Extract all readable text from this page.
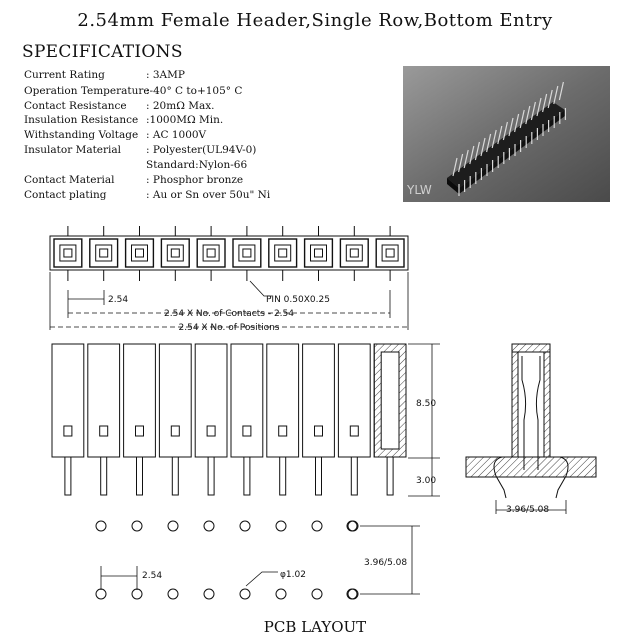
2.54mm Female Header,Single Row,Bottom Entry
SPECIFICATIONS
Current Rating	: 3AMP
Operation Temperature:-40° C to+105° C
Contact Resistance : 20mΩ Max.
Insulation Resistance :1000MΩ Min.
Withstanding Voltage : AC 1000V
Insulator Material : Polyester(UL94V-0)
Standard:Nylon-66
Contact Material	: Phosphor bronze
Contact plating	: Au or Sn over 50u" Ni	YLW
2.54	PIN 0.50X0.25
2.54 X No. of Contacts - 2.54
2.54 X No. of Positions
8.50
3.00
3.96/5.08
2.54	φ1.02
3.96/5.08
PCB LAYOUT
